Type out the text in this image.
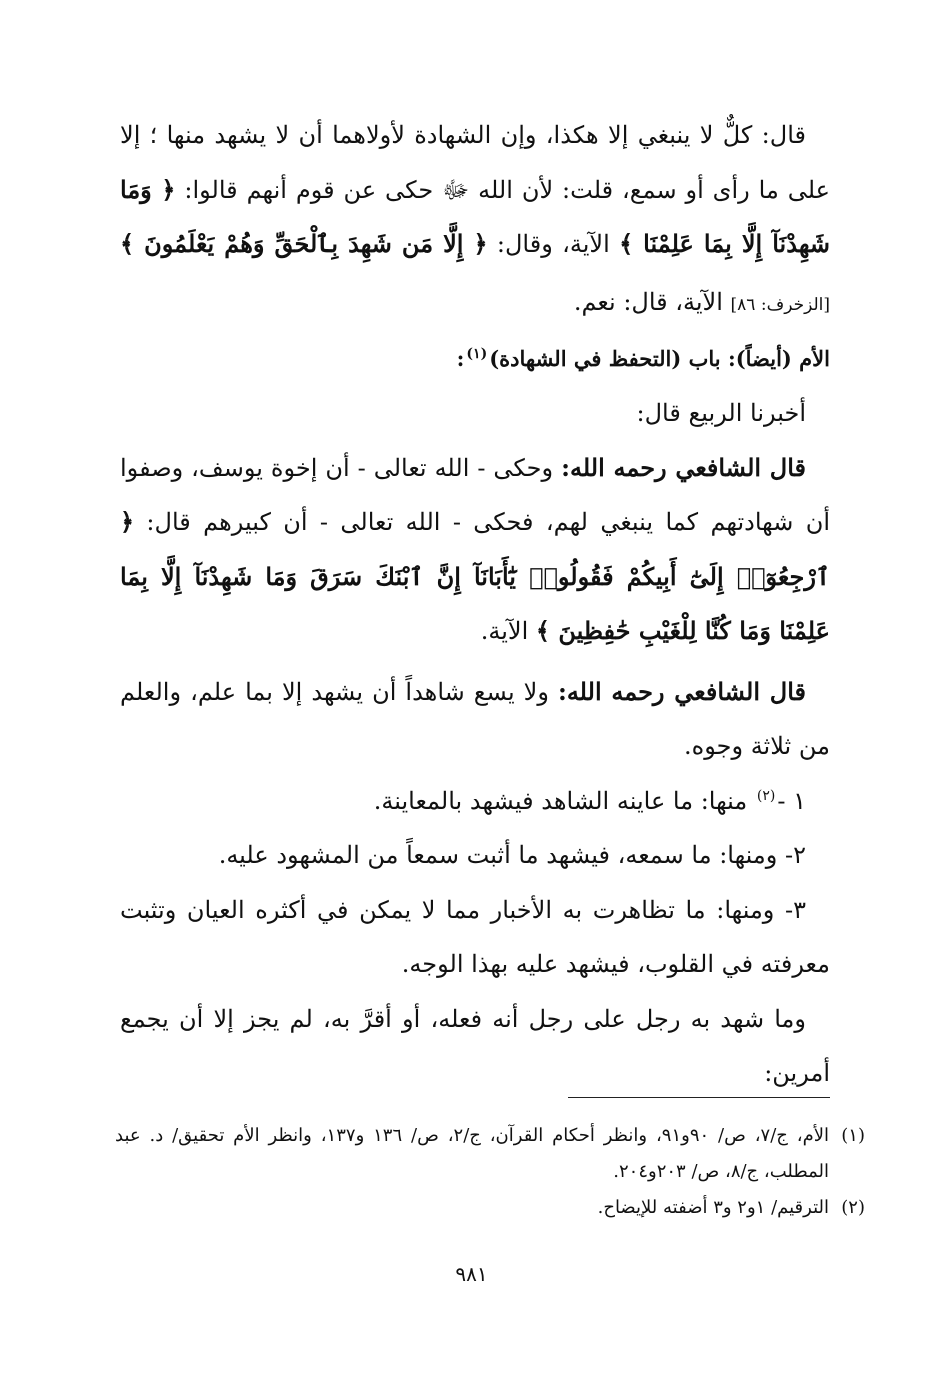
قال: كلٌّ لا ينبغي إلا هكذا، وإن الشهادة لأولاهما أن لا يشهد منها ؛ إلا على ما رأى أو سمع، قلت: لأن الله ﷻ حكى عن قوم أنهم قالوا: ﴿ وَمَا شَهِدْنَآ إِلَّا بِمَا عَلِمْنَا ﴾ الآية، وقال: ﴿ إِلَّا مَن شَهِدَ بِٱلْحَقِّ وَهُمْ يَعْلَمُونَ ﴾ [الزخرف: ٨٦] الآية، قال: نعم.

الأم (أيضاً): باب (التحفظ في الشهادة)$^{(١)}$:

أخبرنا الربيع قال:

قال الشافعي رحمه الله: وحكى - الله تعالى - أن إخوة يوسف، وصفوا أن شهادتهم كما ينبغي لهم، فحكى - الله تعالى - أن كبيرهم قال: ﴿ ٱرْجِعُوٓا۟ إِلَىٰٓ أَبِيكُمْ فَقُولُوا۟ يَٰٓأَبَانَآ إِنَّ ٱبْنَكَ سَرَقَ وَمَا شَهِدْنَآ إِلَّا بِمَا عَلِمْنَا وَمَا كُنَّا لِلْغَيْبِ حَٰفِظِينَ ﴾ الآية.

قال الشافعي رحمه الله: ولا يسع شاهداً أن يشهد إلا بما علم، والعلم من ثلاثة وجوه.

١ -$^{(٢)}$ منها: ما عاينه الشاهد فيشهد بالمعاينة.

٢- ومنها: ما سمعه، فيشهد ما أثبت سمعاً من المشهود عليه.

٣- ومنها: ما تظاهرت به الأخبار مما لا يمكن في أكثره العيان وتثبت معرفته في القلوب، فيشهد عليه بهذا الوجه.

وما شهد به رجل على رجل أنه فعله، أو أقرَّ به، لم يجز إلا أن يجمع أمرين:

(١)
الأم، ج/٧، ص/ ٩٠و٩١، وانظر أحكام القرآن، ج/٢، ص/ ١٣٦ و١٣٧، وانظر الأم تحقيق/ د. عبد المطلب، ج/٨، ص/ ٢٠٣و٢٠٤.
(٢)
الترقيم/ ١و٢ و٣ أضفته للإيضاح.
٩٨١
